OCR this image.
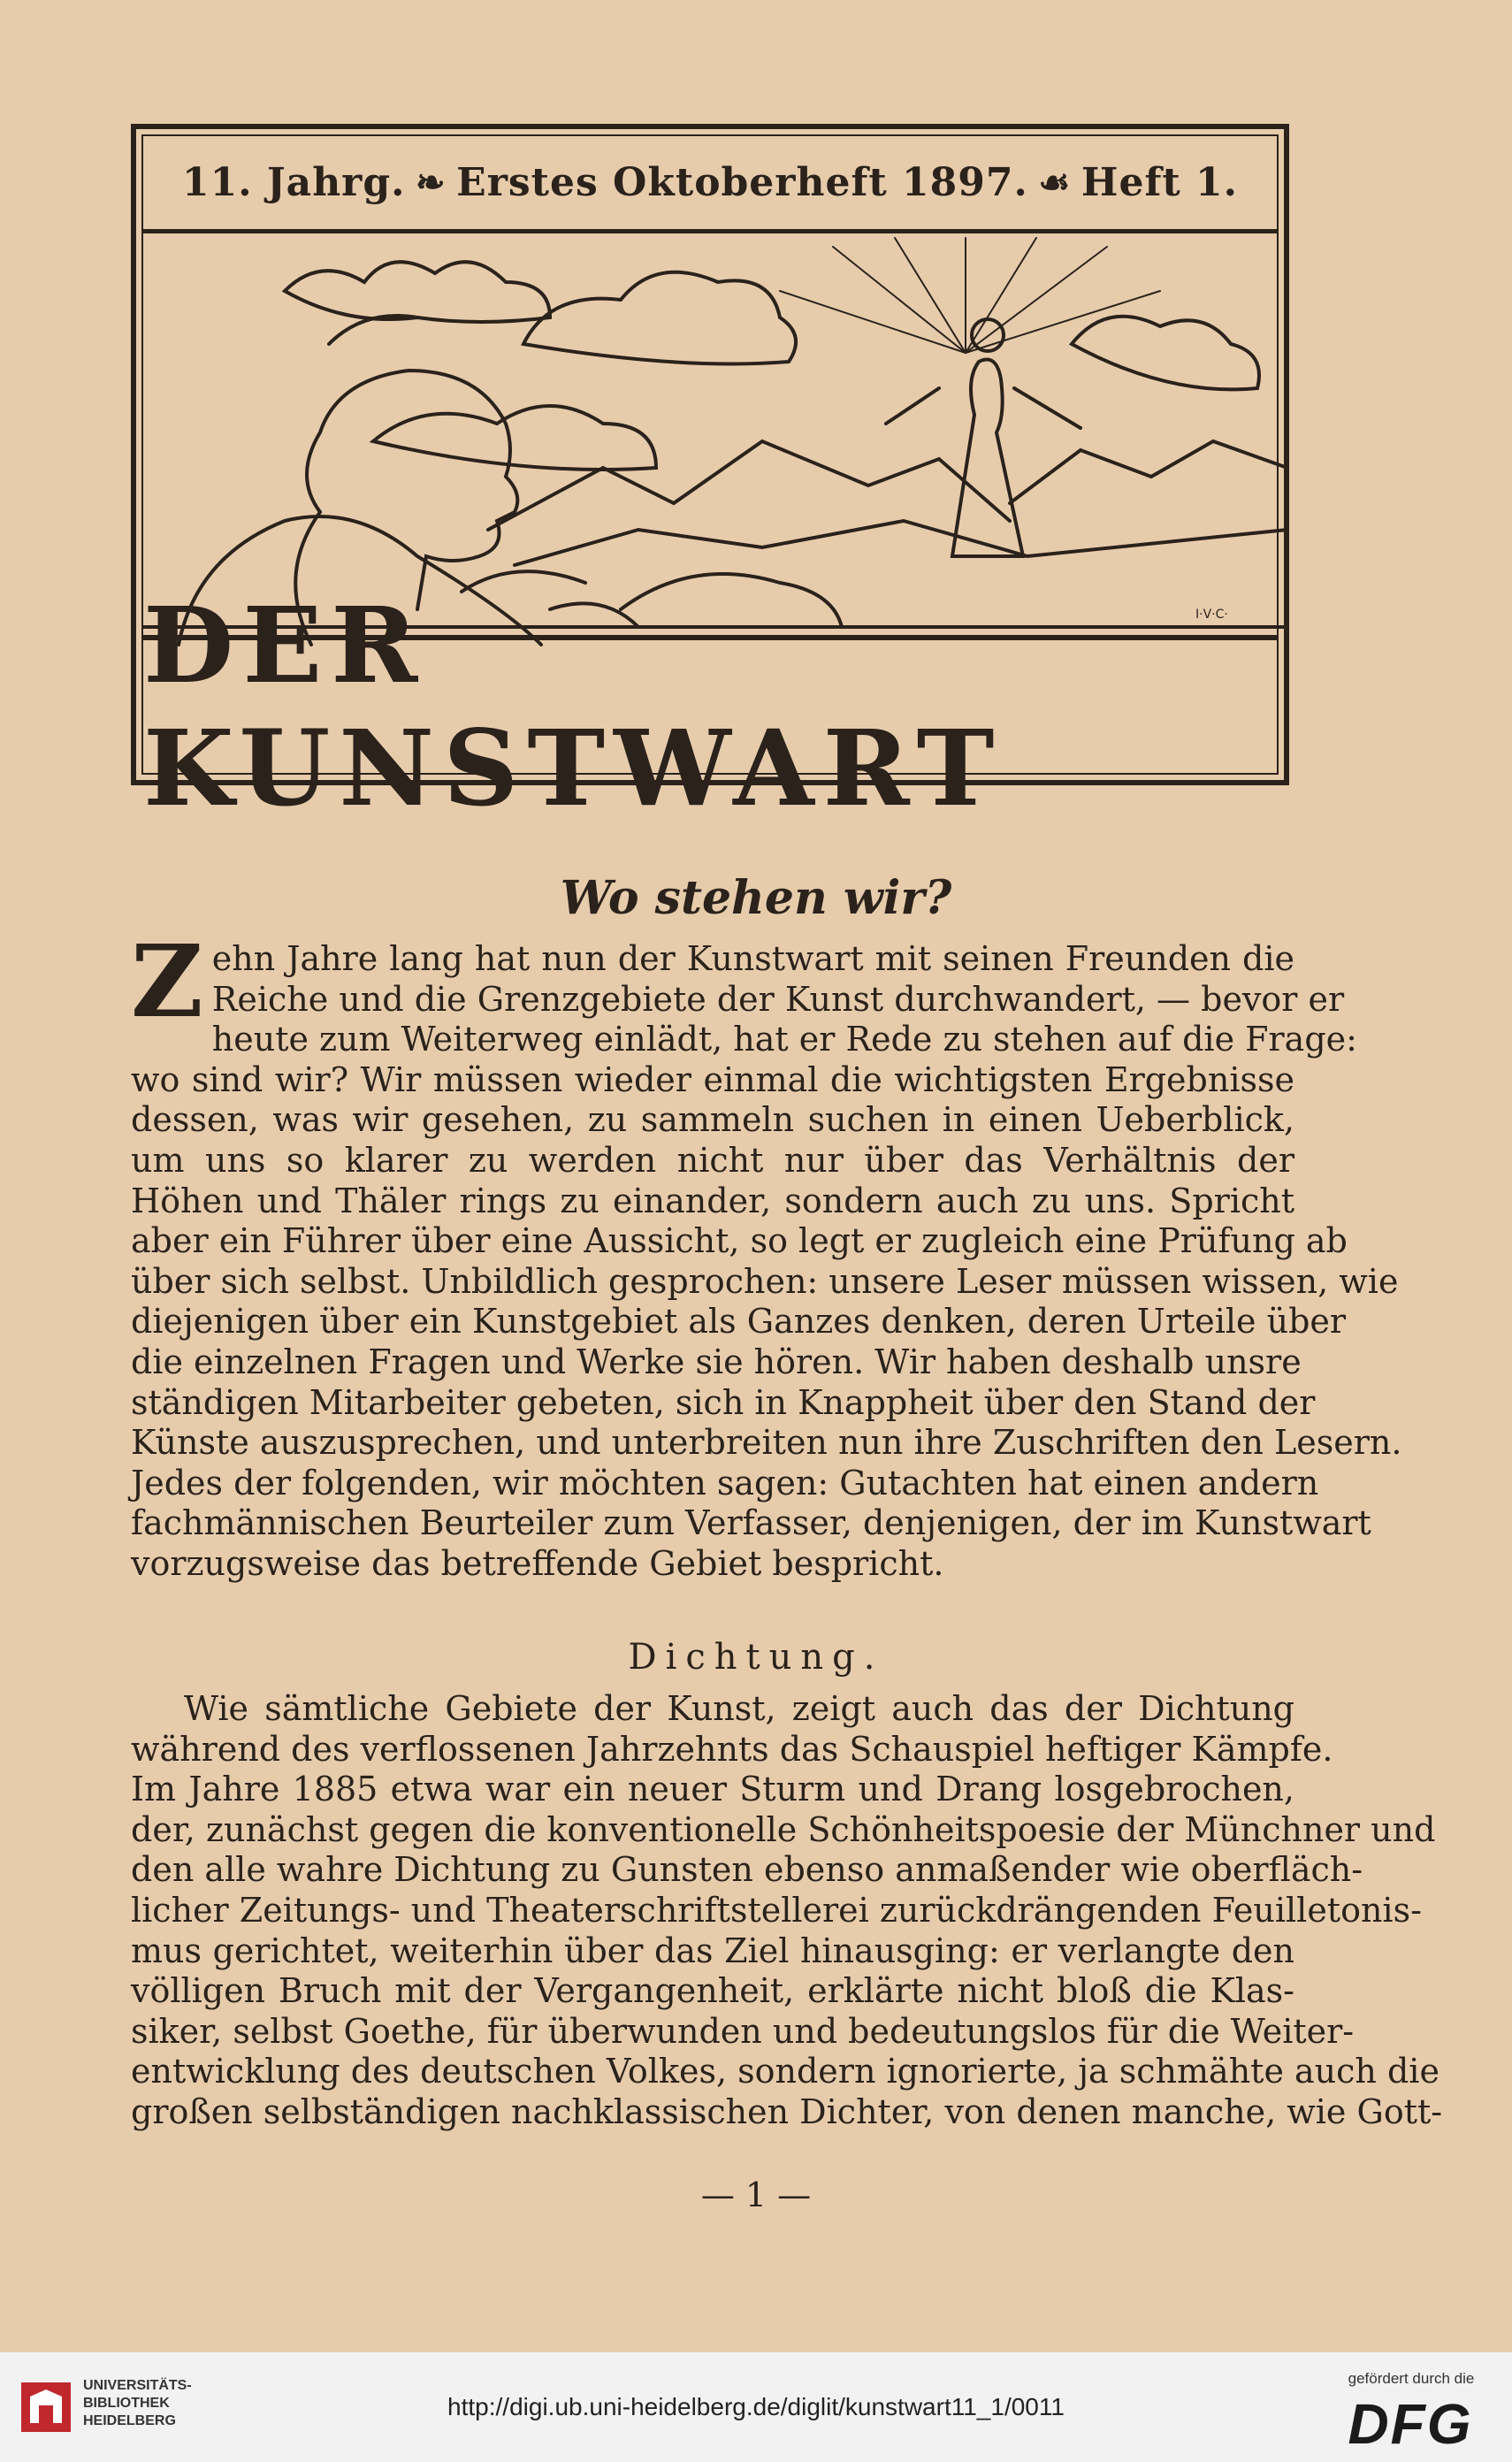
11. Jahrg. ❧ Erstes Oktoberheft 1897. ☙ Heft 1.
I·V·C·
DER KUNSTWART
Wo stehen wir?
Z ehn Jahre lang hat nun der Kunstwart mit seinen Freunden die
Reiche und die Grenzgebiete der Kunst durchwandert, — bevor er
heute zum Weiterweg einlädt, hat er Rede zu stehen auf die Frage:
wo sind wir? Wir müssen wieder einmal die wichtigsten Ergebnisse
dessen, was wir gesehen, zu sammeln suchen in einen Ueberblick,
um uns so klarer zu werden nicht nur über das Verhältnis der
Höhen und Thäler rings zu einander, sondern auch zu uns. Spricht
aber ein Führer über eine Aussicht, so legt er zugleich eine Prüfung ab
über sich selbst. Unbildlich gesprochen: unsere Leser müssen wissen, wie
diejenigen über ein Kunstgebiet als Ganzes denken, deren Urteile über
die einzelnen Fragen und Werke sie hören. Wir haben deshalb unsre
ständigen Mitarbeiter gebeten, sich in Knappheit über den Stand der
Künste auszusprechen, und unterbreiten nun ihre Zuschriften den Lesern.
Jedes der folgenden, wir möchten sagen: Gutachten hat einen andern
fachmännischen Beurteiler zum Verfasser, denjenigen, der im Kunstwart
vorzugsweise das betreffende Gebiet bespricht.
Dichtung.
Wie sämtliche Gebiete der Kunst, zeigt auch das der Dichtung
während des verflossenen Jahrzehnts das Schauspiel heftiger Kämpfe.
Im Jahre 1885 etwa war ein neuer Sturm und Drang losgebrochen,
der, zunächst gegen die konventionelle Schönheitspoesie der Münchner und
den alle wahre Dichtung zu Gunsten ebenso anmaßender wie oberfläch-
licher Zeitungs- und Theaterschriftstellerei zurückdrängenden Feuilletonis-
mus gerichtet, weiterhin über das Ziel hinausging: er verlangte den
völligen Bruch mit der Vergangenheit, erklärte nicht bloß die Klas-
siker, selbst Goethe, für überwunden und bedeutungslos für die Weiter-
entwicklung des deutschen Volkes, sondern ignorierte, ja schmähte auch die
großen selbständigen nachklassischen Dichter, von denen manche, wie Gott-
— 1 —
UNIVERSITÄTS-
BIBLIOTHEK
HEIDELBERG
http://digi.ub.uni-heidelberg.de/diglit/kunstwart11_1/0011
gefördert durch die
DFG
